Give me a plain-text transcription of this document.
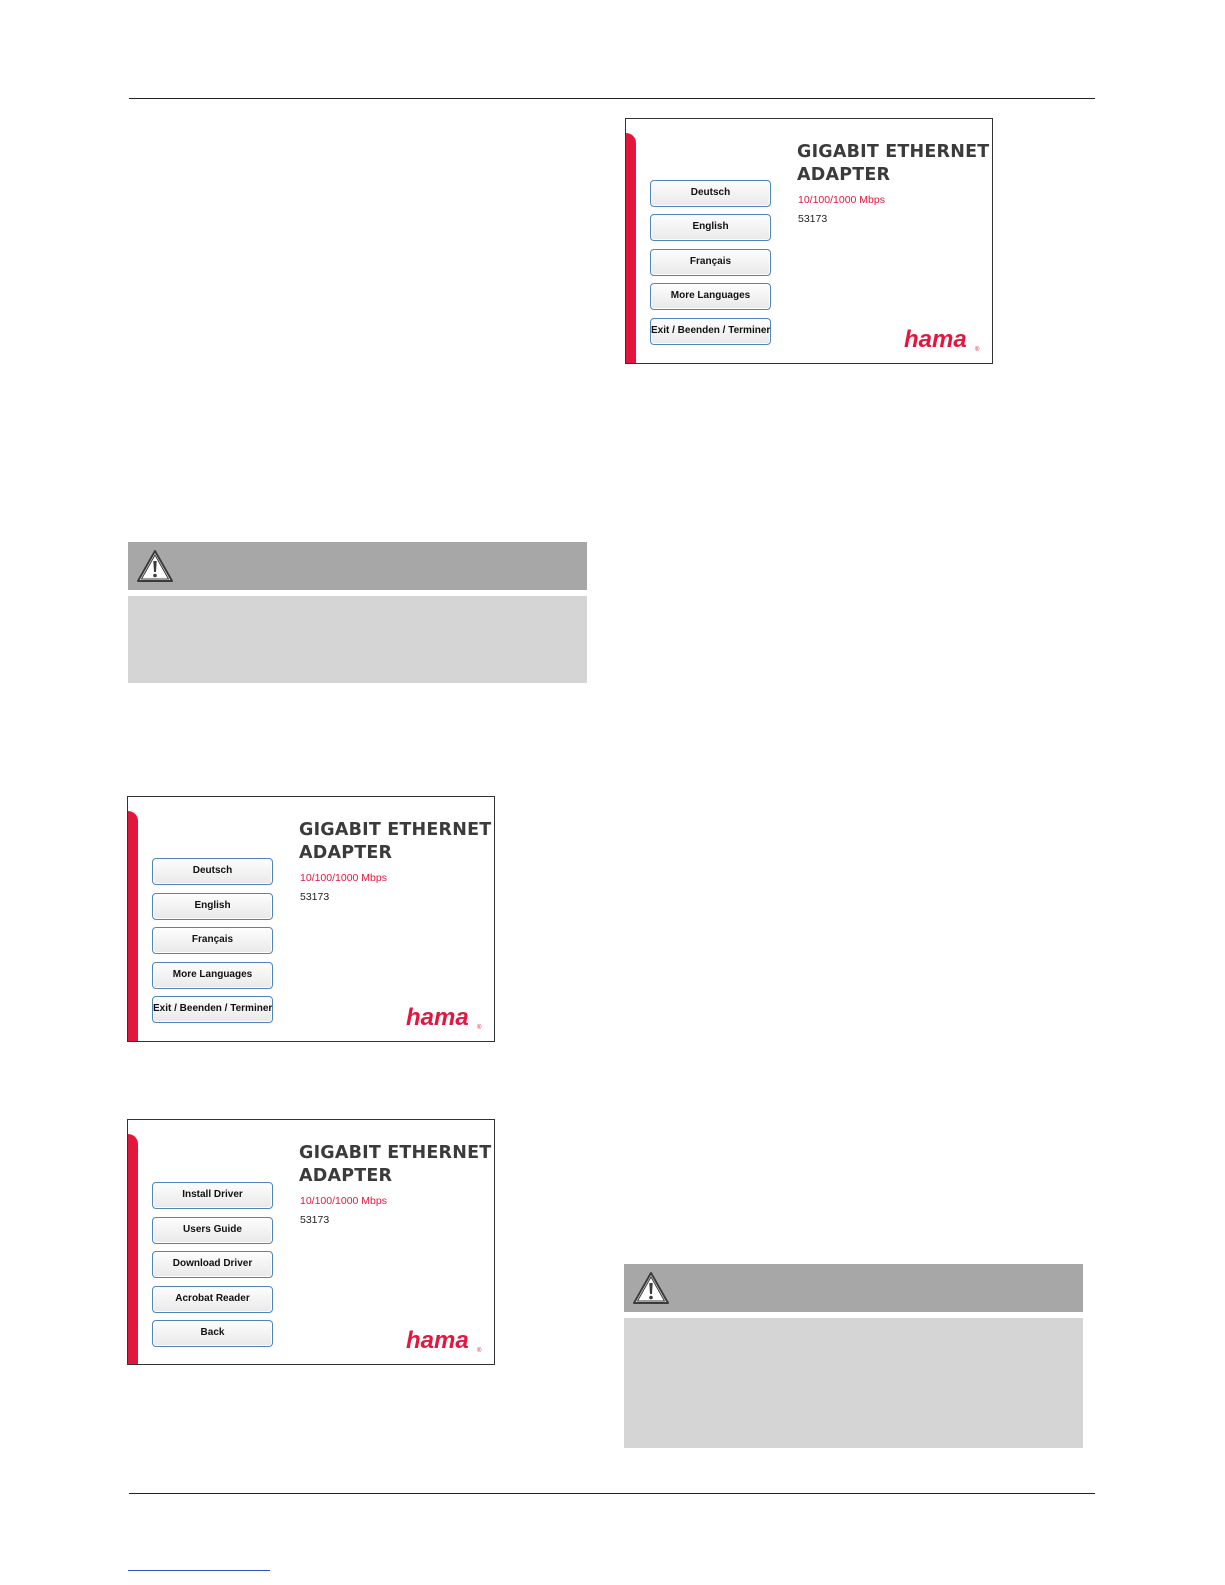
Deutsch
English
Français
More Languages
Exit / Beenden / Terminer
GIGABIT ETHERNET
ADAPTER
10/100/1000 Mbps
53173
hama ®
Deutsch
English
Français
More Languages
Exit / Beenden / Terminer
GIGABIT ETHERNET
ADAPTER
10/100/1000 Mbps
53173
hama ®
Install Driver
Users Guide
Download Driver
Acrobat Reader
Back
GIGABIT ETHERNET
ADAPTER
10/100/1000 Mbps
53173
hama ®
